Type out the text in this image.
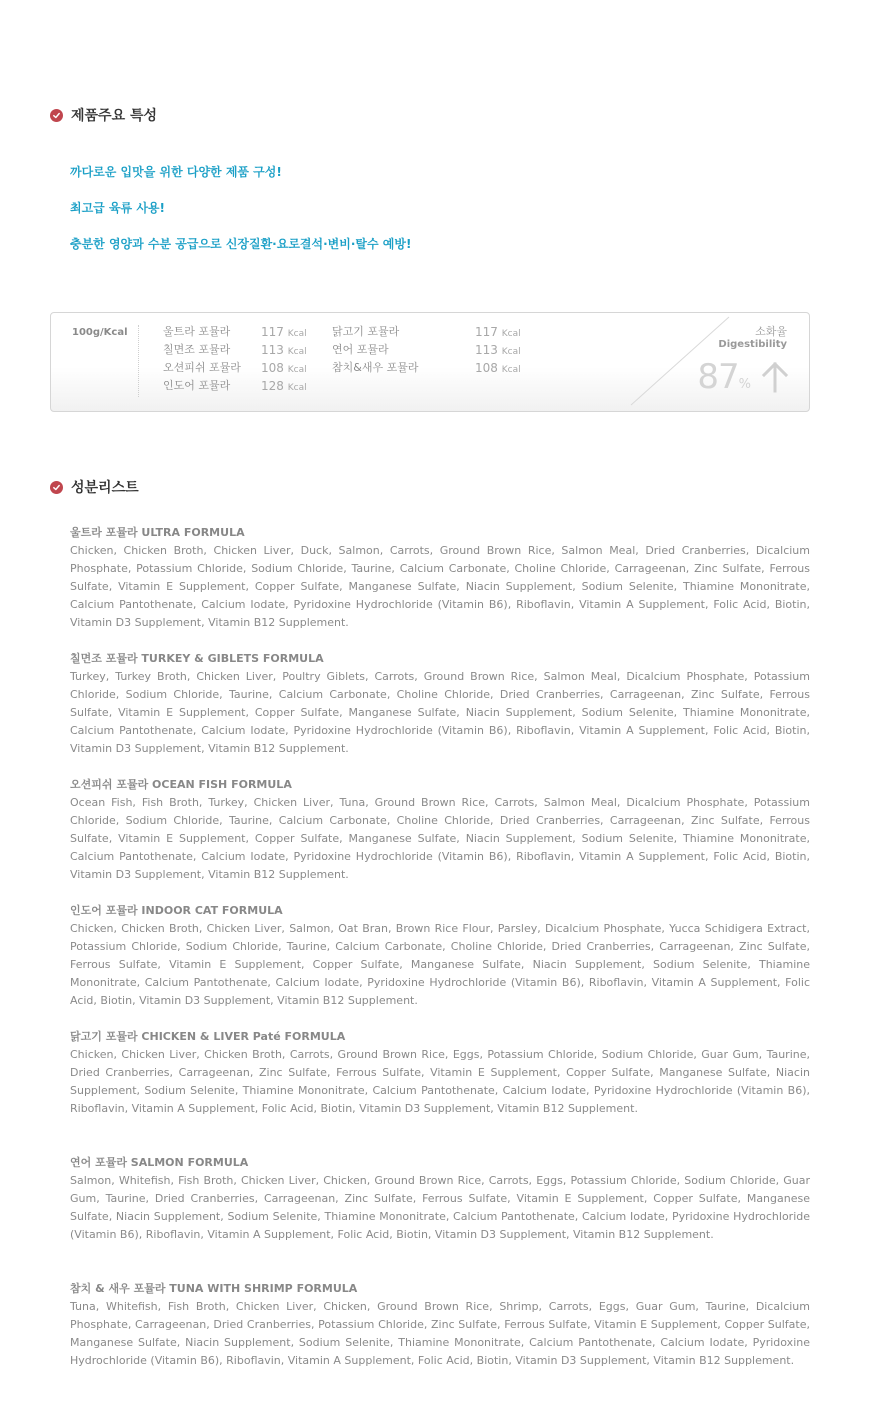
제품주요 특성
까다로운 입맛을 위한 다양한 제품 구성!
최고급 육류 사용!
충분한 영양과 수분 공급으로 신장질환·요로결석·변비·탈수 예방!
100g/Kcal	울트라 포뮬라
칠면조 포뮬라
오션피쉬 포뮬라
인도어 포뮬라
117 Kcal
113 Kcal
108 Kcal
128 Kcal
닭고기 포뮬라
연어 포뮬라
참치&새우 포뮬라
117 Kcal
113 Kcal
108 Kcal
소화율
Digestibility
87%
성분리스트
울트라 포뮬라 ULTRA FORMULA
Chicken, Chicken Broth, Chicken Liver, Duck, Salmon, Carrots, Ground Brown Rice, Salmon Meal, Dried Cranberries, Dicalcium Phosphate, Potassium Chloride, Sodium Chloride, Taurine, Calcium Carbonate, Choline Chloride, Carrageenan, Zinc Sulfate, Ferrous Sulfate, Vitamin E Supplement, Copper Sulfate, Manganese Sulfate, Niacin Supplement, Sodium Selenite, Thiamine Mononitrate, Calcium Pantothenate, Calcium Iodate, Pyridoxine Hydrochloride (Vitamin B6), Riboflavin, Vitamin A Supplement, Folic Acid, Biotin, Vitamin D3 Supplement, Vitamin B12 Supplement.
칠면조 포뮬라 TURKEY & GIBLETS FORMULA
Turkey, Turkey Broth, Chicken Liver, Poultry Giblets, Carrots, Ground Brown Rice, Salmon Meal, Dicalcium Phosphate, Potassium Chloride, Sodium Chloride, Taurine, Calcium Carbonate, Choline Chloride, Dried Cranberries, Carrageenan, Zinc Sulfate, Ferrous Sulfate, Vitamin E Supplement, Copper Sulfate, Manganese Sulfate, Niacin Supplement, Sodium Selenite, Thiamine Mononitrate, Calcium Pantothenate, Calcium Iodate, Pyridoxine Hydrochloride (Vitamin B6), Riboflavin, Vitamin A Supplement, Folic Acid, Biotin, Vitamin D3 Supplement, Vitamin B12 Supplement.
오션피쉬 포뮬라 OCEAN FISH FORMULA
Ocean Fish, Fish Broth, Turkey, Chicken Liver, Tuna, Ground Brown Rice, Carrots, Salmon Meal, Dicalcium Phosphate, Potassium Chloride, Sodium Chloride, Taurine, Calcium Carbonate, Choline Chloride, Dried Cranberries, Carrageenan, Zinc Sulfate, Ferrous Sulfate, Vitamin E Supplement, Copper Sulfate, Manganese Sulfate, Niacin Supplement, Sodium Selenite, Thiamine Mononitrate, Calcium Pantothenate, Calcium Iodate, Pyridoxine Hydrochloride (Vitamin B6), Riboflavin, Vitamin A Supplement, Folic Acid, Biotin, Vitamin D3 Supplement, Vitamin B12 Supplement.
인도어 포뮬라 INDOOR CAT FORMULA
Chicken, Chicken Broth, Chicken Liver, Salmon, Oat Bran, Brown Rice Flour, Parsley, Dicalcium Phosphate, Yucca Schidigera Extract, Potassium Chloride, Sodium Chloride, Taurine, Calcium Carbonate, Choline Chloride, Dried Cranberries, Carrageenan, Zinc Sulfate, Ferrous Sulfate, Vitamin E Supplement, Copper Sulfate, Manganese Sulfate, Niacin Supplement, Sodium Selenite, Thiamine Mononitrate, Calcium Pantothenate, Calcium Iodate, Pyridoxine Hydrochloride (Vitamin B6), Riboflavin, Vitamin A Supplement, Folic Acid, Biotin, Vitamin D3 Supplement, Vitamin B12 Supplement.
닭고기 포뮬라 CHICKEN & LIVER Paté FORMULA
Chicken, Chicken Liver, Chicken Broth, Carrots, Ground Brown Rice, Eggs, Potassium Chloride, Sodium Chloride, Guar Gum, Taurine, Dried Cranberries, Carrageenan, Zinc Sulfate, Ferrous Sulfate, Vitamin E Supplement, Copper Sulfate, Manganese Sulfate, Niacin Supplement, Sodium Selenite, Thiamine Mononitrate, Calcium Pantothenate, Calcium Iodate, Pyridoxine Hydrochloride (Vitamin B6), Riboflavin, Vitamin A Supplement, Folic Acid, Biotin, Vitamin D3 Supplement, Vitamin B12 Supplement.
연어 포뮬라 SALMON FORMULA
Salmon, Whitefish, Fish Broth, Chicken Liver, Chicken, Ground Brown Rice, Carrots, Eggs, Potassium Chloride, Sodium Chloride, Guar Gum, Taurine, Dried Cranberries, Carrageenan, Zinc Sulfate, Ferrous Sulfate, Vitamin E Supplement, Copper Sulfate, Manganese Sulfate, Niacin Supplement, Sodium Selenite, Thiamine Mononitrate, Calcium Pantothenate, Calcium Iodate, Pyridoxine Hydrochloride (Vitamin B6), Riboflavin, Vitamin A Supplement, Folic Acid, Biotin, Vitamin D3 Supplement, Vitamin B12 Supplement.
참치 & 새우 포뮬라 TUNA WITH SHRIMP FORMULA
Tuna, Whitefish, Fish Broth, Chicken Liver, Chicken, Ground Brown Rice, Shrimp, Carrots, Eggs, Guar Gum, Taurine, Dicalcium Phosphate, Carrageenan, Dried Cranberries, Potassium Chloride, Zinc Sulfate, Ferrous Sulfate, Vitamin E Supplement, Copper Sulfate, Manganese Sulfate, Niacin Supplement, Sodium Selenite, Thiamine Mononitrate, Calcium Pantothenate, Calcium Iodate, Pyridoxine Hydrochloride (Vitamin B6), Riboflavin, Vitamin A Supplement, Folic Acid, Biotin, Vitamin D3 Supplement, Vitamin B12 Supplement.
